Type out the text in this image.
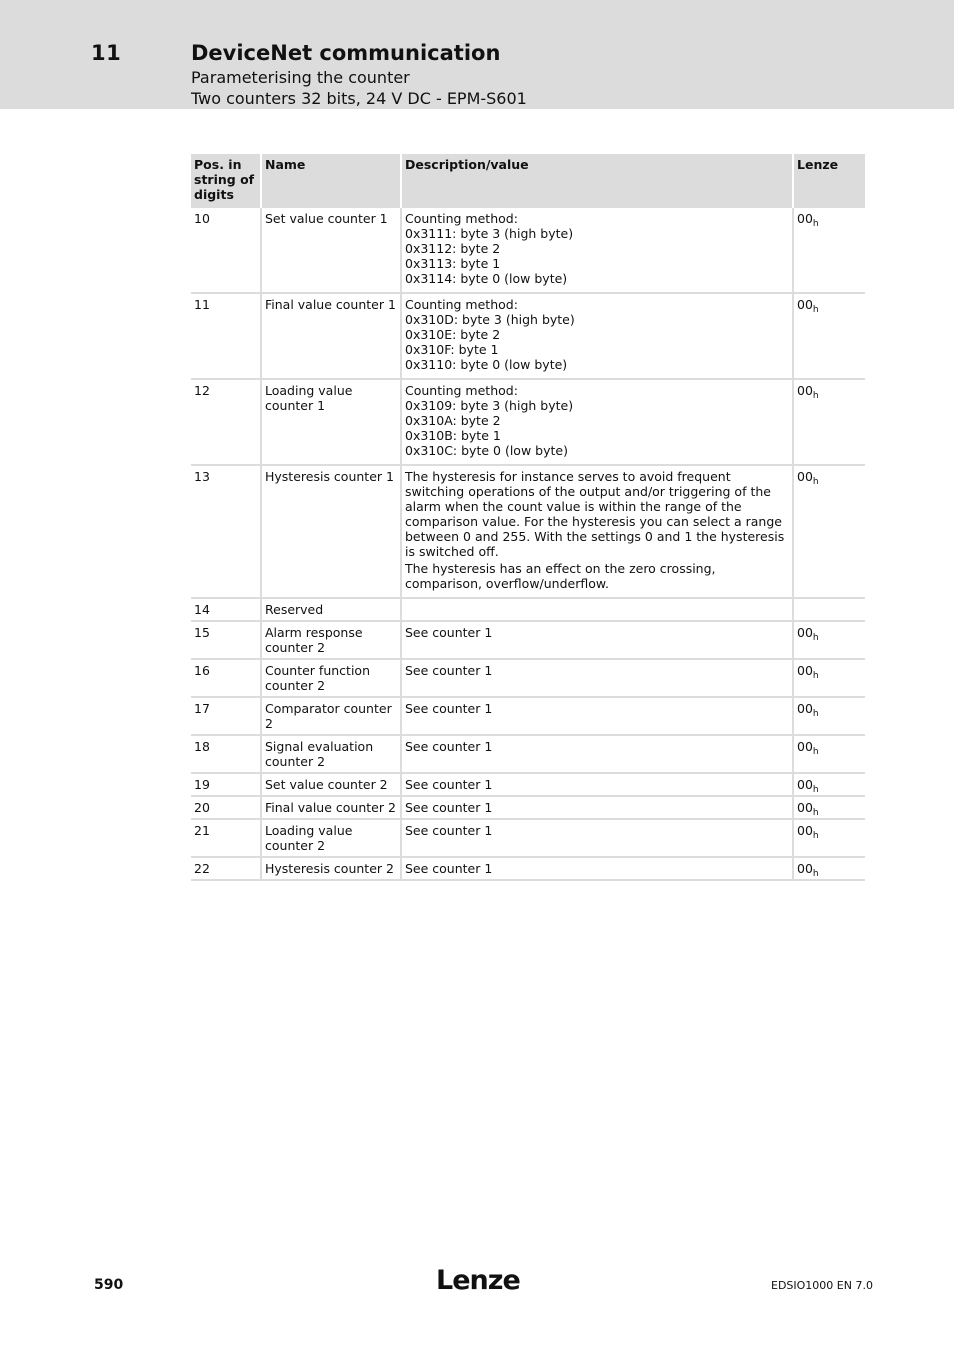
11	DeviceNet communication
Parameterising the counter
Two counters 32 bits, 24 V DC - EPM-S601
Pos. in string of digits	Name	Description/value	Lenze
10	Set value counter 1	Counting method:
0x3111: byte 3 (high byte)
0x3112: byte 2
0x3113: byte 1
0x3114: byte 0 (low byte)	$00_h$
11	Final value counter 1	Counting method:
0x310D: byte 3 (high byte)
0x310E: byte 2
0x310F: byte 1
0x3110: byte 0 (low byte)	$00_h$
12	Loading value counter 1	Counting method:
0x3109: byte 3 (high byte)
0x310A: byte 2
0x310B: byte 1
0x310C: byte 0 (low byte)	$00_h$
13	Hysteresis counter 1	The hysteresis for instance serves to avoid frequent switching operations of the output and/or triggering of the alarm when the count value is within the range of the comparison value. For the hysteresis you can select a range between 0 and 255. With the settings 0 and 1 the hysteresis is switched off.
The hysteresis has an effect on the zero crossing, comparison, overflow/underflow.	$00_h$
14	Reserved		
15	Alarm response counter 2	See counter 1	$00_h$
16	Counter function counter 2	See counter 1	$00_h$
17	Comparator counter 2	See counter 1	$00_h$
18	Signal evaluation counter 2	See counter 1	$00_h$
19	Set value counter 2	See counter 1	$00_h$
20	Final value counter 2	See counter 1	$00_h$
21	Loading value counter 2	See counter 1	$00_h$
22	Hysteresis counter 2	See counter 1	$00_h$
590	Lenze	EDSIO1000 EN 7.0
